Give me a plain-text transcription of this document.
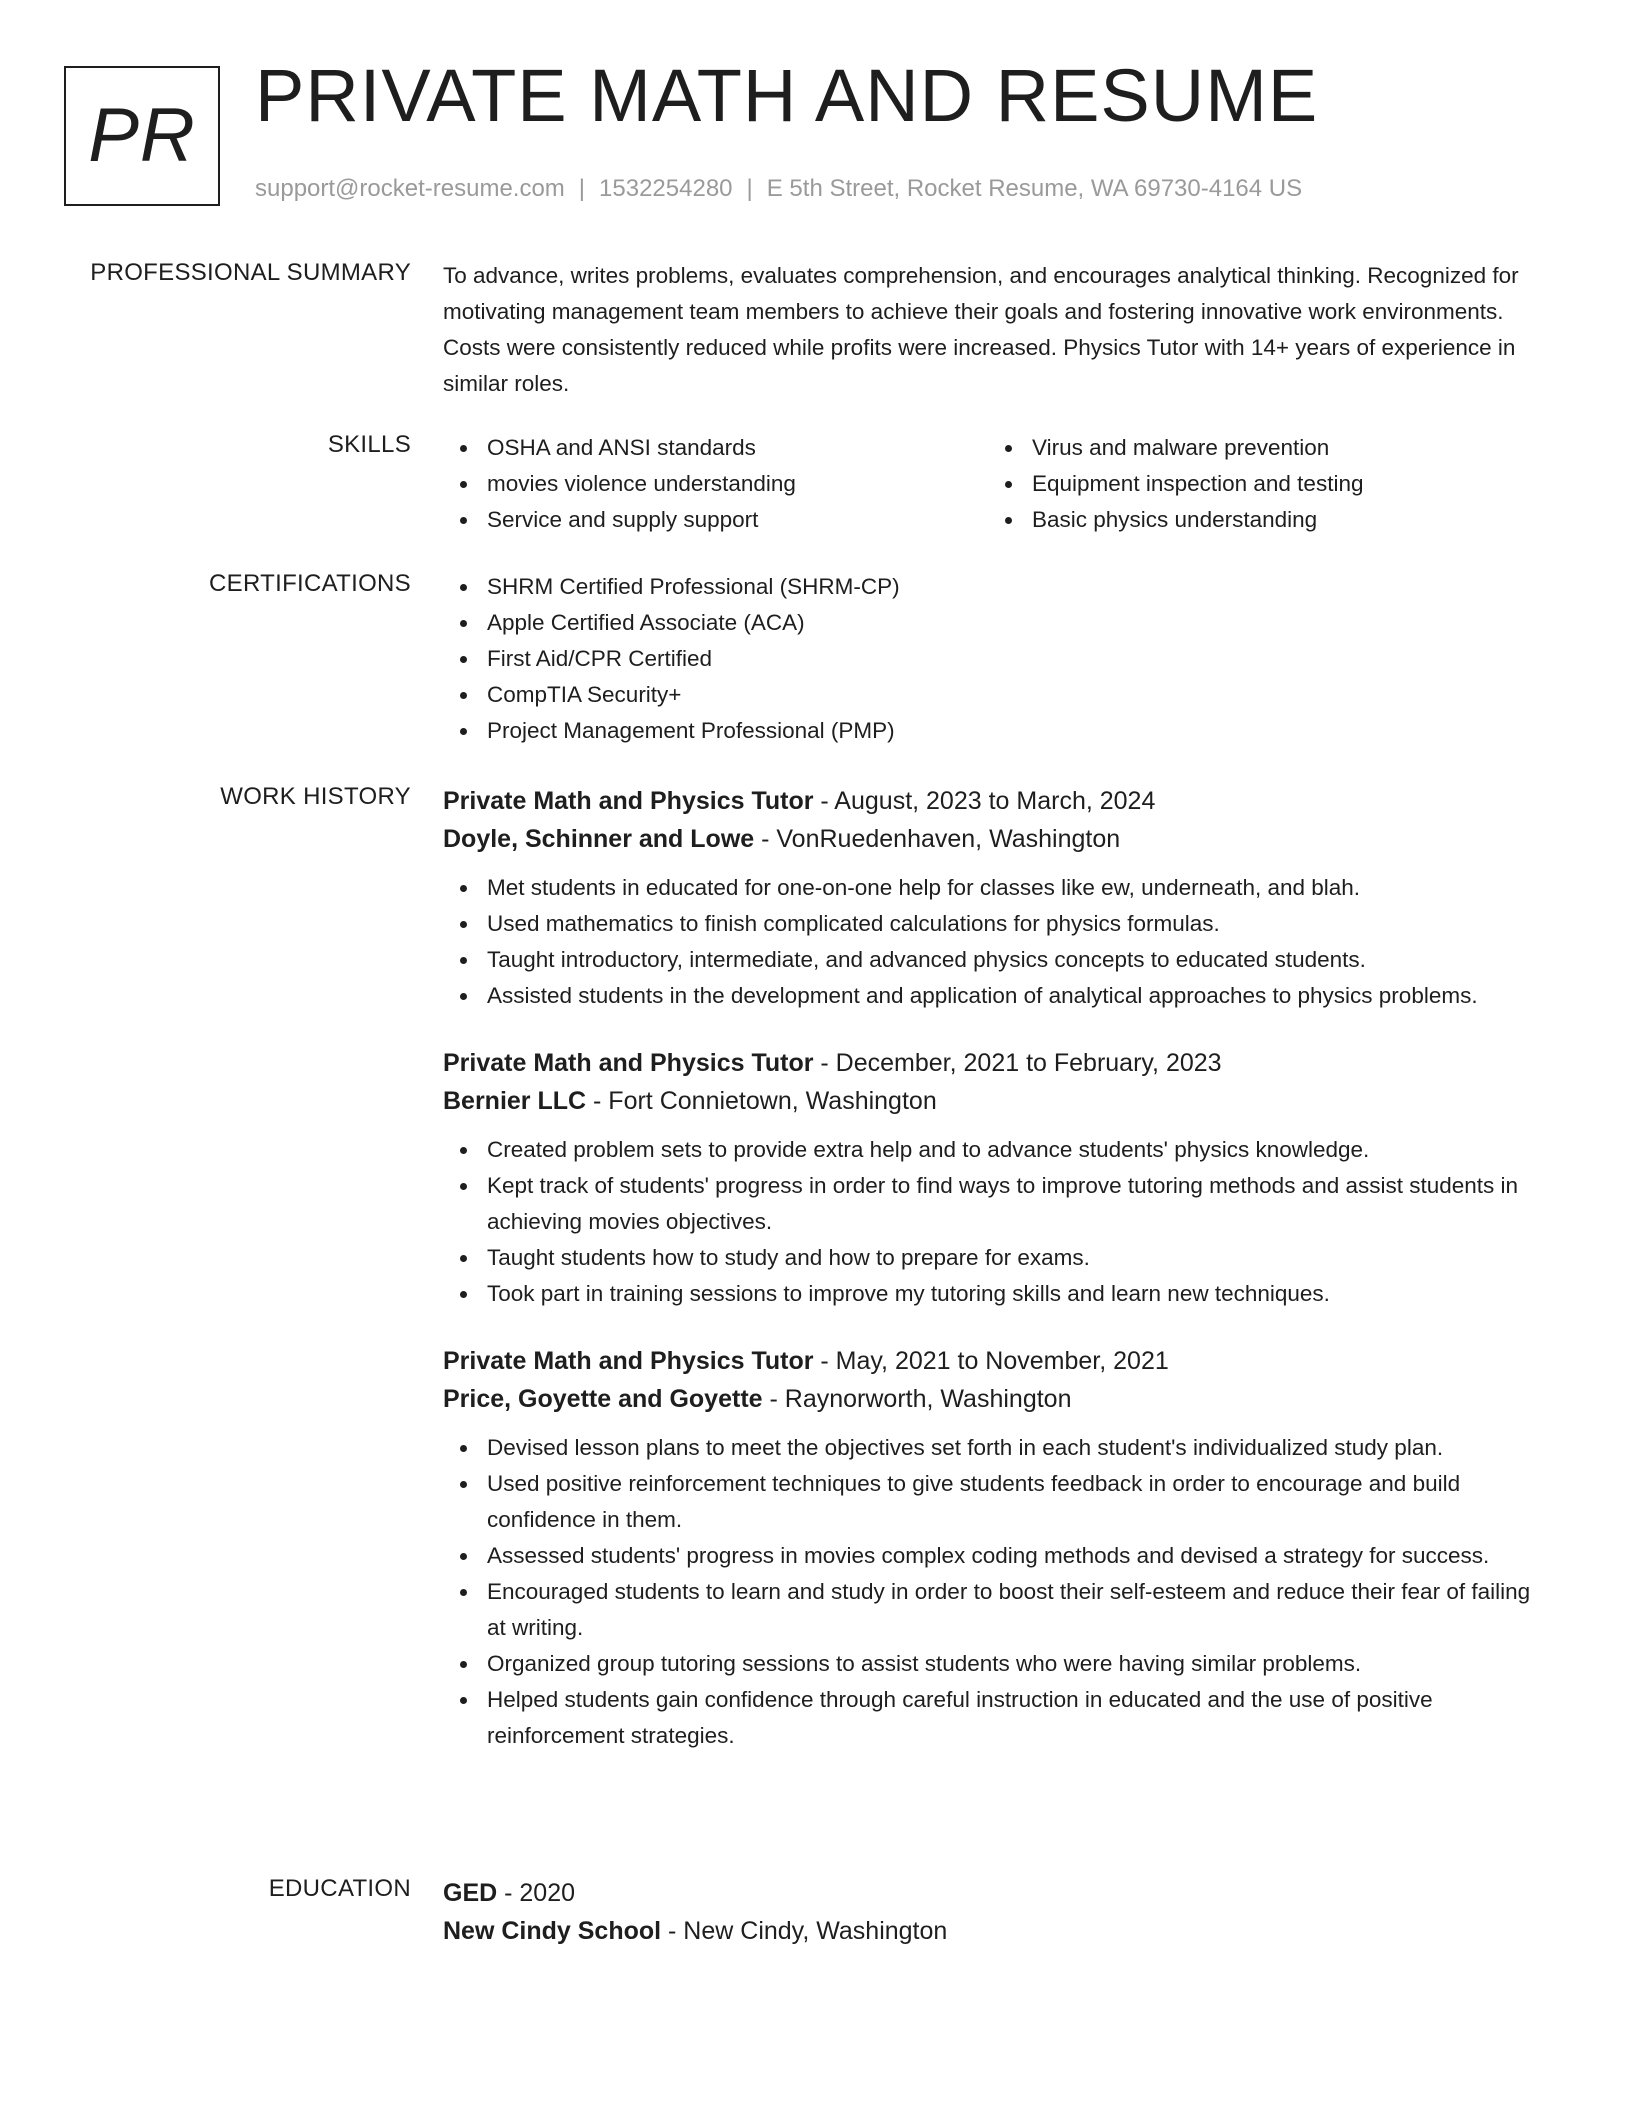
PR PRIVATE MATH AND RESUME
support@rocket-resume.com | 1532254280 | E 5th Street, Rocket Resume, WA 69730-4164 US
PROFESSIONAL SUMMARY To advance, writes problems, evaluates comprehension, and encourages analytical thinking. Recognized for motivating management team members to achieve their goals and fostering innovative work environments. Costs were consistently reduced while profits were increased. Physics Tutor with 14+ years of experience in similar roles.

SKILLS	OSHA and ANSI standards
movies violence understanding
Service and supply support
Virus and malware prevention
Equipment inspection and testing
Basic physics understanding
CERTIFICATIONS	SHRM Certified Professional (SHRM-CP)
Apple Certified Associate (ACA)
First Aid/CPR Certified
CompTIA Security+
Project Management Professional (PMP)
WORK HISTORY Private Math and Physics Tutor - August, 2023 to March, 2024
Doyle, Schinner and Lowe - VonRuedenhaven, Washington
Met students in educated for one-on-one help for classes like ew, underneath, and blah.
Used mathematics to finish complicated calculations for physics formulas.
Taught introductory, intermediate, and advanced physics concepts to educated students.
Assisted students in the development and application of analytical approaches to physics problems.
Private Math and Physics Tutor - December, 2021 to February, 2023
Bernier LLC - Fort Connietown, Washington
Created problem sets to provide extra help and to advance students' physics knowledge.
Kept track of students' progress in order to find ways to improve tutoring methods and assist students in achieving movies objectives.
Taught students how to study and how to prepare for exams.
Took part in training sessions to improve my tutoring skills and learn new techniques.
Private Math and Physics Tutor - May, 2021 to November, 2021
Price, Goyette and Goyette - Raynorworth, Washington
Devised lesson plans to meet the objectives set forth in each student's individualized study plan.
Used positive reinforcement techniques to give students feedback in order to encourage and build confidence in them.
Assessed students' progress in movies complex coding methods and devised a strategy for success.
Encouraged students to learn and study in order to boost their self-esteem and reduce their fear of failing at writing.
Organized group tutoring sessions to assist students who were having similar problems.
Helped students gain confidence through careful instruction in educated and the use of positive reinforcement strategies.
EDUCATION GED - 2020
New Cindy School - New Cindy, Washington
